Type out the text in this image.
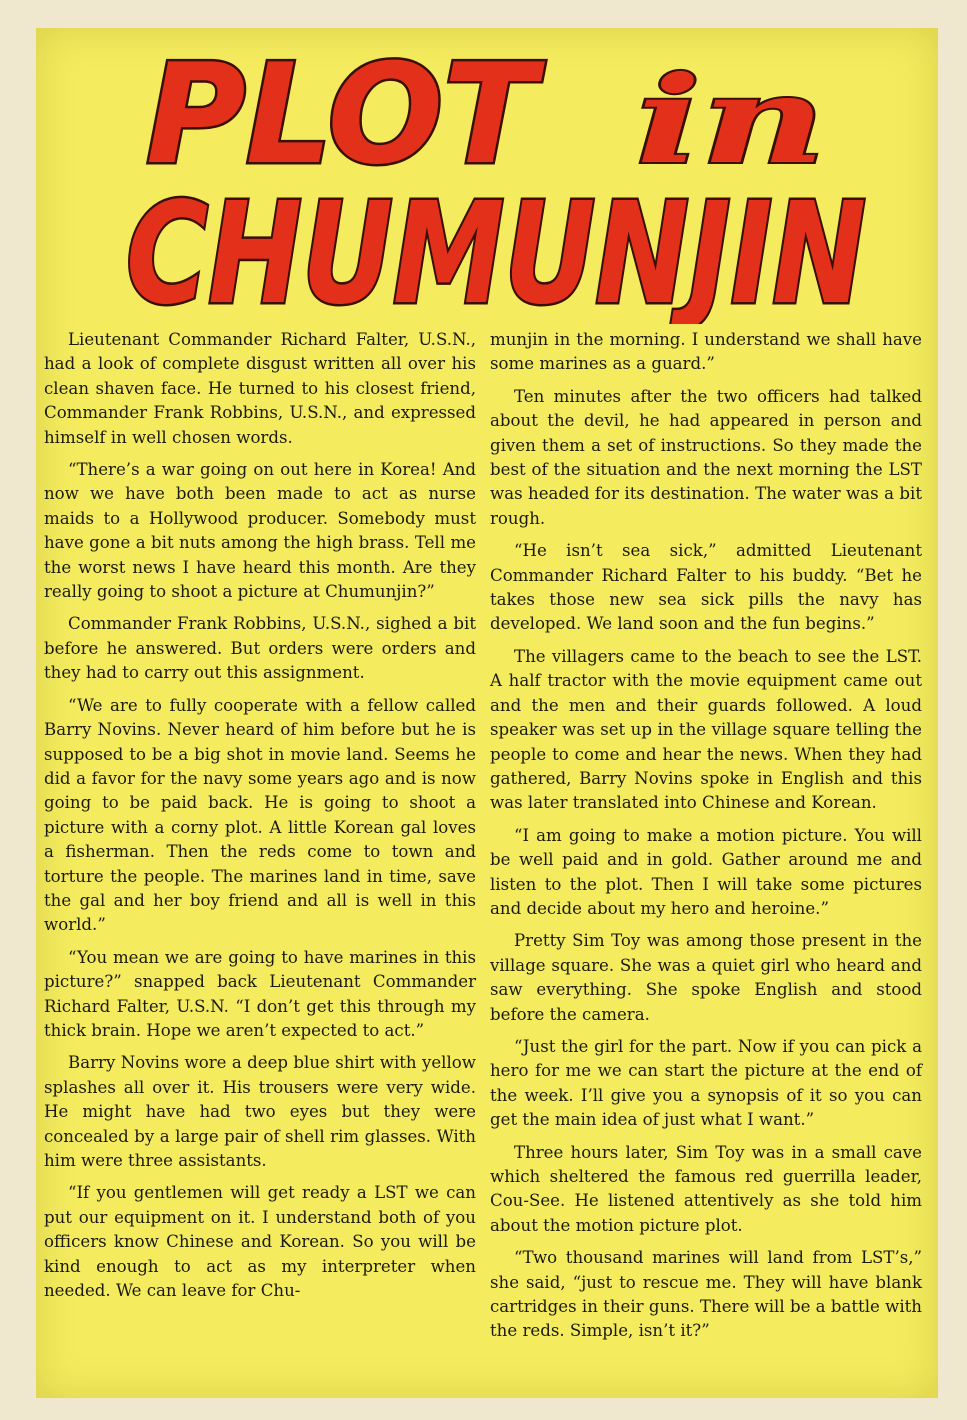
PLOT in
CHUMUNJIN

Lieutenant Commander Richard Falter, U.S.N., had a look of complete disgust written all over his clean shaven face. He turned to his closest friend, Commander Frank Robbins, U.S.N., and expressed himself in well chosen words.

“There’s a war going on out here in Korea! And now we have both been made to act as nurse maids to a Hollywood producer. Somebody must have gone a bit nuts among the high brass. Tell me the worst news I have heard this month. Are they really going to shoot a picture at Chumunjin?”

Commander Frank Robbins, U.S.N., sighed a bit before he answered. But orders were orders and they had to carry out this assignment.

“We are to fully cooperate with a fellow called Barry Novins. Never heard of him before but he is supposed to be a big shot in movie land. Seems he did a favor for the navy some years ago and is now going to be paid back. He is going to shoot a picture with a corny plot. A little Korean gal loves a fisherman. Then the reds come to town and torture the people. The marines land in time, save the gal and her boy friend and all is well in this world.”

“You mean we are going to have marines in this picture?” snapped back Lieutenant Commander Richard Falter, U.S.N. “I don’t get this through my thick brain. Hope we aren’t expected to act.”

Barry Novins wore a deep blue shirt with yellow splashes all over it. His trousers were very wide. He might have had two eyes but they were concealed by a large pair of shell rim glasses. With him were three assistants.

“If you gentlemen will get ready a LST we can put our equipment on it. I understand both of you officers know Chinese and Korean. So you will be kind enough to act as my interpreter when needed. We can leave for Chu-

munjin in the morning. I understand we shall have some marines as a guard.”

Ten minutes after the two officers had talked about the devil, he had appeared in person and given them a set of instructions. So they made the best of the situation and the next morning the LST was headed for its destination. The water was a bit rough.

“He isn’t sea sick,” admitted Lieutenant Commander Richard Falter to his buddy. “Bet he takes those new sea sick pills the navy has developed. We land soon and the fun begins.”

The villagers came to the beach to see the LST. A half tractor with the movie equipment came out and the men and their guards followed. A loud speaker was set up in the village square telling the people to come and hear the news. When they had gathered, Barry Novins spoke in English and this was later translated into Chinese and Korean.

“I am going to make a motion picture. You will be well paid and in gold. Gather around me and listen to the plot. Then I will take some pictures and decide about my hero and heroine.”

Pretty Sim Toy was among those present in the village square. She was a quiet girl who heard and saw everything. She spoke English and stood before the camera.

“Just the girl for the part. Now if you can pick a hero for me we can start the picture at the end of the week. I’ll give you a synopsis of it so you can get the main idea of just what I want.”

Three hours later, Sim Toy was in a small cave which sheltered the famous red guerrilla leader, Cou-See. He listened attentively as she told him about the motion picture plot.

“Two thousand marines will land from LST’s,” she said, “just to rescue me. They will have blank cartridges in their guns. There will be a battle with the reds. Simple, isn’t it?”
